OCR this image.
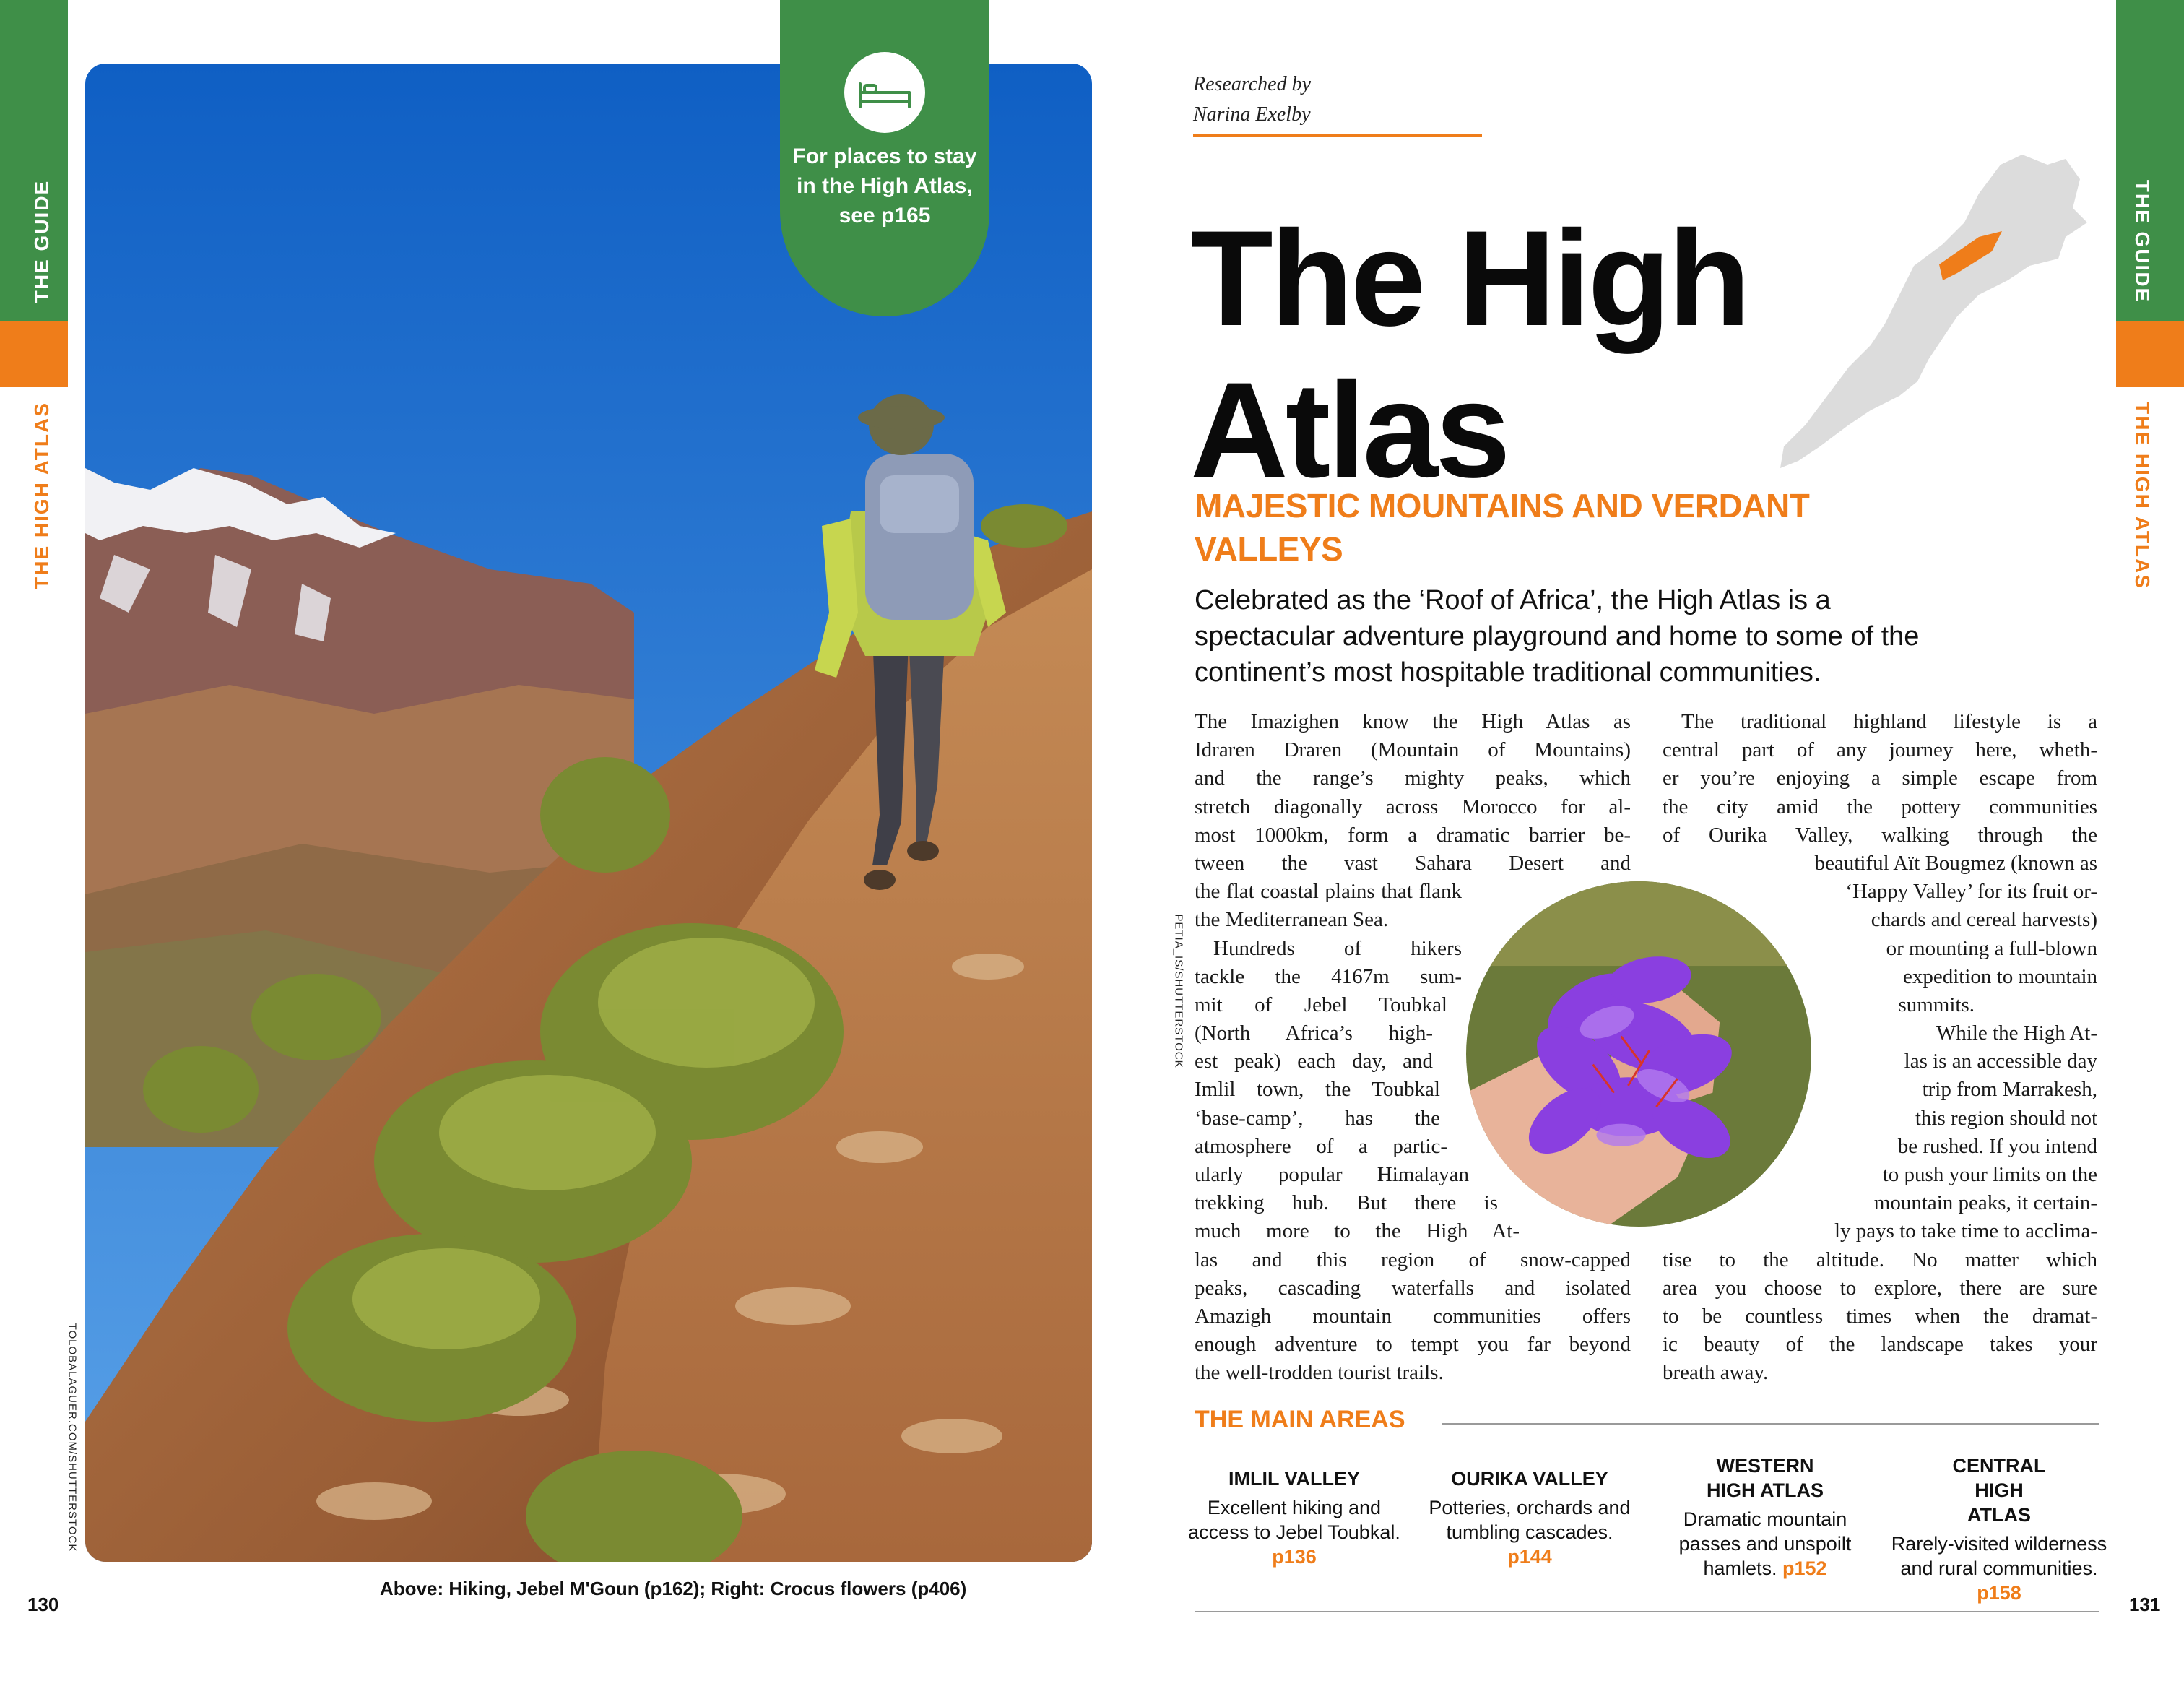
THE GUIDE
THE HIGH ATLAS
THE GUIDE
THE HIGH ATLAS
For places to stay in the High Atlas, see p165
TOLOBALAGUER.COM/SHUTTERSTOCK
PETIA_IS/SHUTTERSTOCK
Above: Hiking, Jebel M'Goun (p162); Right: Crocus flowers (p406)
130	131
Researched by
Narina Exelby
The High
Atlas
MAJESTIC MOUNTAINS AND VERDANT VALLEYS
Celebrated as the ‘Roof of Africa’, the High Atlas is a spectacular adventure playground and home to some of the continent’s most hospitable traditional communities.
The Imazighen know the High Atlas as
Idraren Draren (Mountain of Mountains)
and the range’s mighty peaks, which
stretch diagonally across Morocco for al-
most 1000km, form a dramatic barrier be-
tween the vast Sahara Desert and
the flat coastal plains that flank
the Mediterranean Sea.
Hundreds of hikers
tackle the 4167m sum-
mit of Jebel Toubkal
(North Africa’s high-
est peak) each day, and
Imlil town, the Toubkal
‘base-camp’, has the
atmosphere of a partic-
ularly popular Himalayan
trekking hub. But there is
much more to the High At-
las and this region of snow-capped
peaks, cascading waterfalls and isolated
Amazigh mountain communities offers
enough adventure to tempt you far beyond
the well-trodden tourist trails.
The traditional highland lifestyle is a
central part of any journey here, wheth-
er you’re enjoying a simple escape from
the city amid the pottery communities
of Ourika Valley, walking through the
beautiful Aït Bougmez (known as
‘Happy Valley’ for its fruit or-
chards and cereal harvests)
or mounting a full-blown
expedition to mountain
summits.
While the High At-
las is an accessible day
trip from Marrakesh,
this region should not
be rushed. If you intend
to push your limits on the
mountain peaks, it certain-
ly pays to take time to acclima-
tise to the altitude. No matter which
area you choose to explore, there are sure
to be countless times when the dramat-
ic beauty of the landscape takes your
breath away.
THE MAIN AREAS
IMLIL VALLEY
Excellent hiking and access to Jebel Toubkal. p136
OURIKA VALLEY
Potteries, orchards and tumbling cascades. p144
WESTERN HIGH ATLAS
Dramatic mountain passes and unspoilt hamlets. p152
CENTRAL HIGH ATLAS
Rarely-visited wilderness and rural communities. p158
